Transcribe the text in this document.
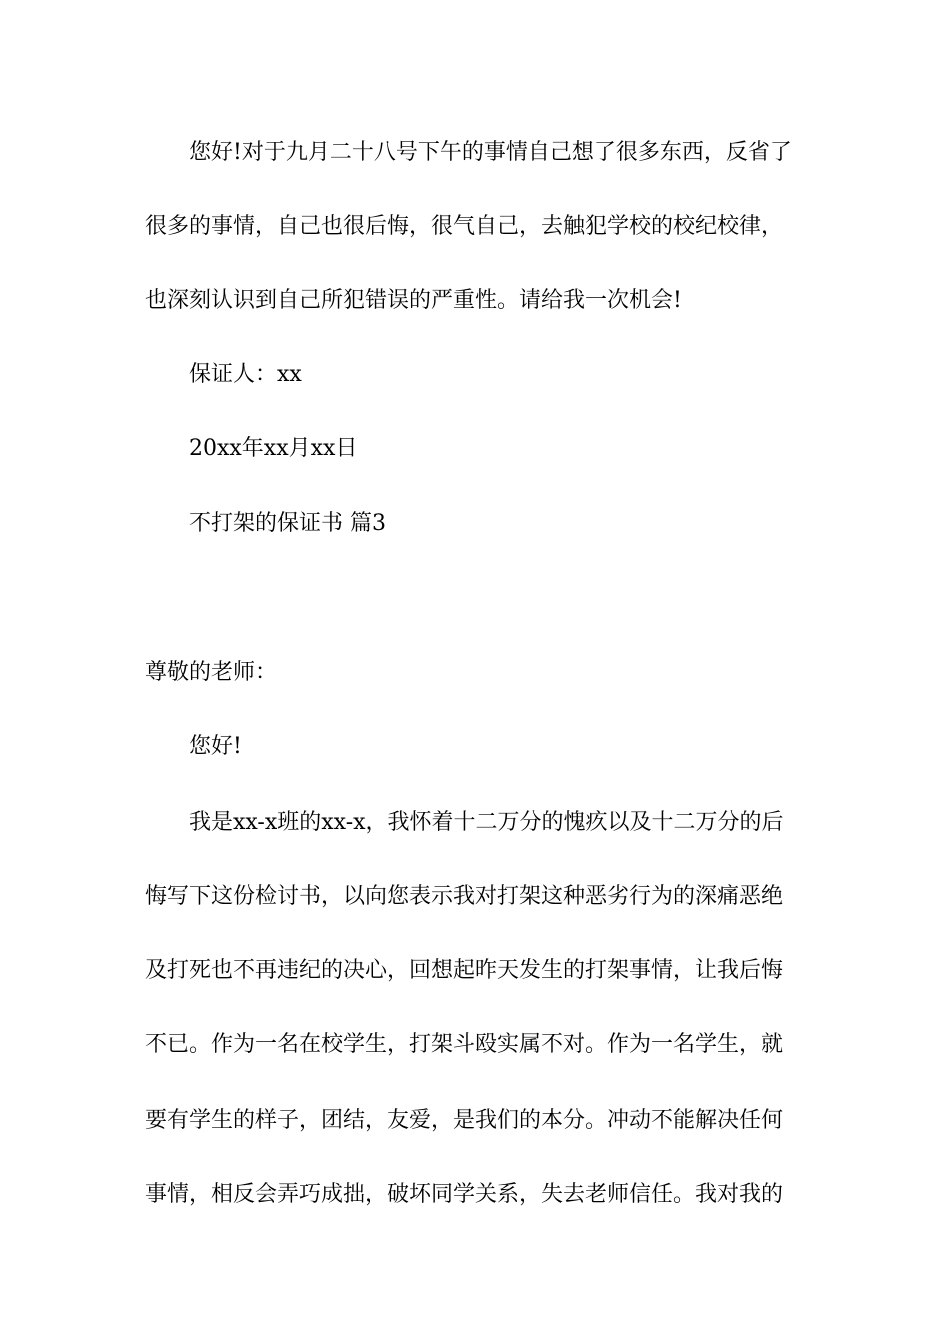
您好!对于九月二十八号下午的事情自己想了很多东西，反省了
很多的事情，自己也很后悔，很气自己，去触犯学校的校纪校律，
也深刻认识到自己所犯错误的严重性。请给我一次机会!
保证人：xx
20xx年xx月xx日
不打架的保证书 篇3
尊敬的老师：
您好!
我是xx-x班的xx-x，我怀着十二万分的愧疚以及十二万分的后
悔写下这份检讨书，以向您表示我对打架这种恶劣行为的深痛恶绝
及打死也不再违纪的决心，回想起昨天发生的打架事情，让我后悔
不已。作为一名在校学生，打架斗殴实属不对。作为一名学生，就
要有学生的样子，团结，友爱，是我们的本分。冲动不能解决任何
事情，相反会弄巧成拙，破坏同学关系，失去老师信任。我对我的
